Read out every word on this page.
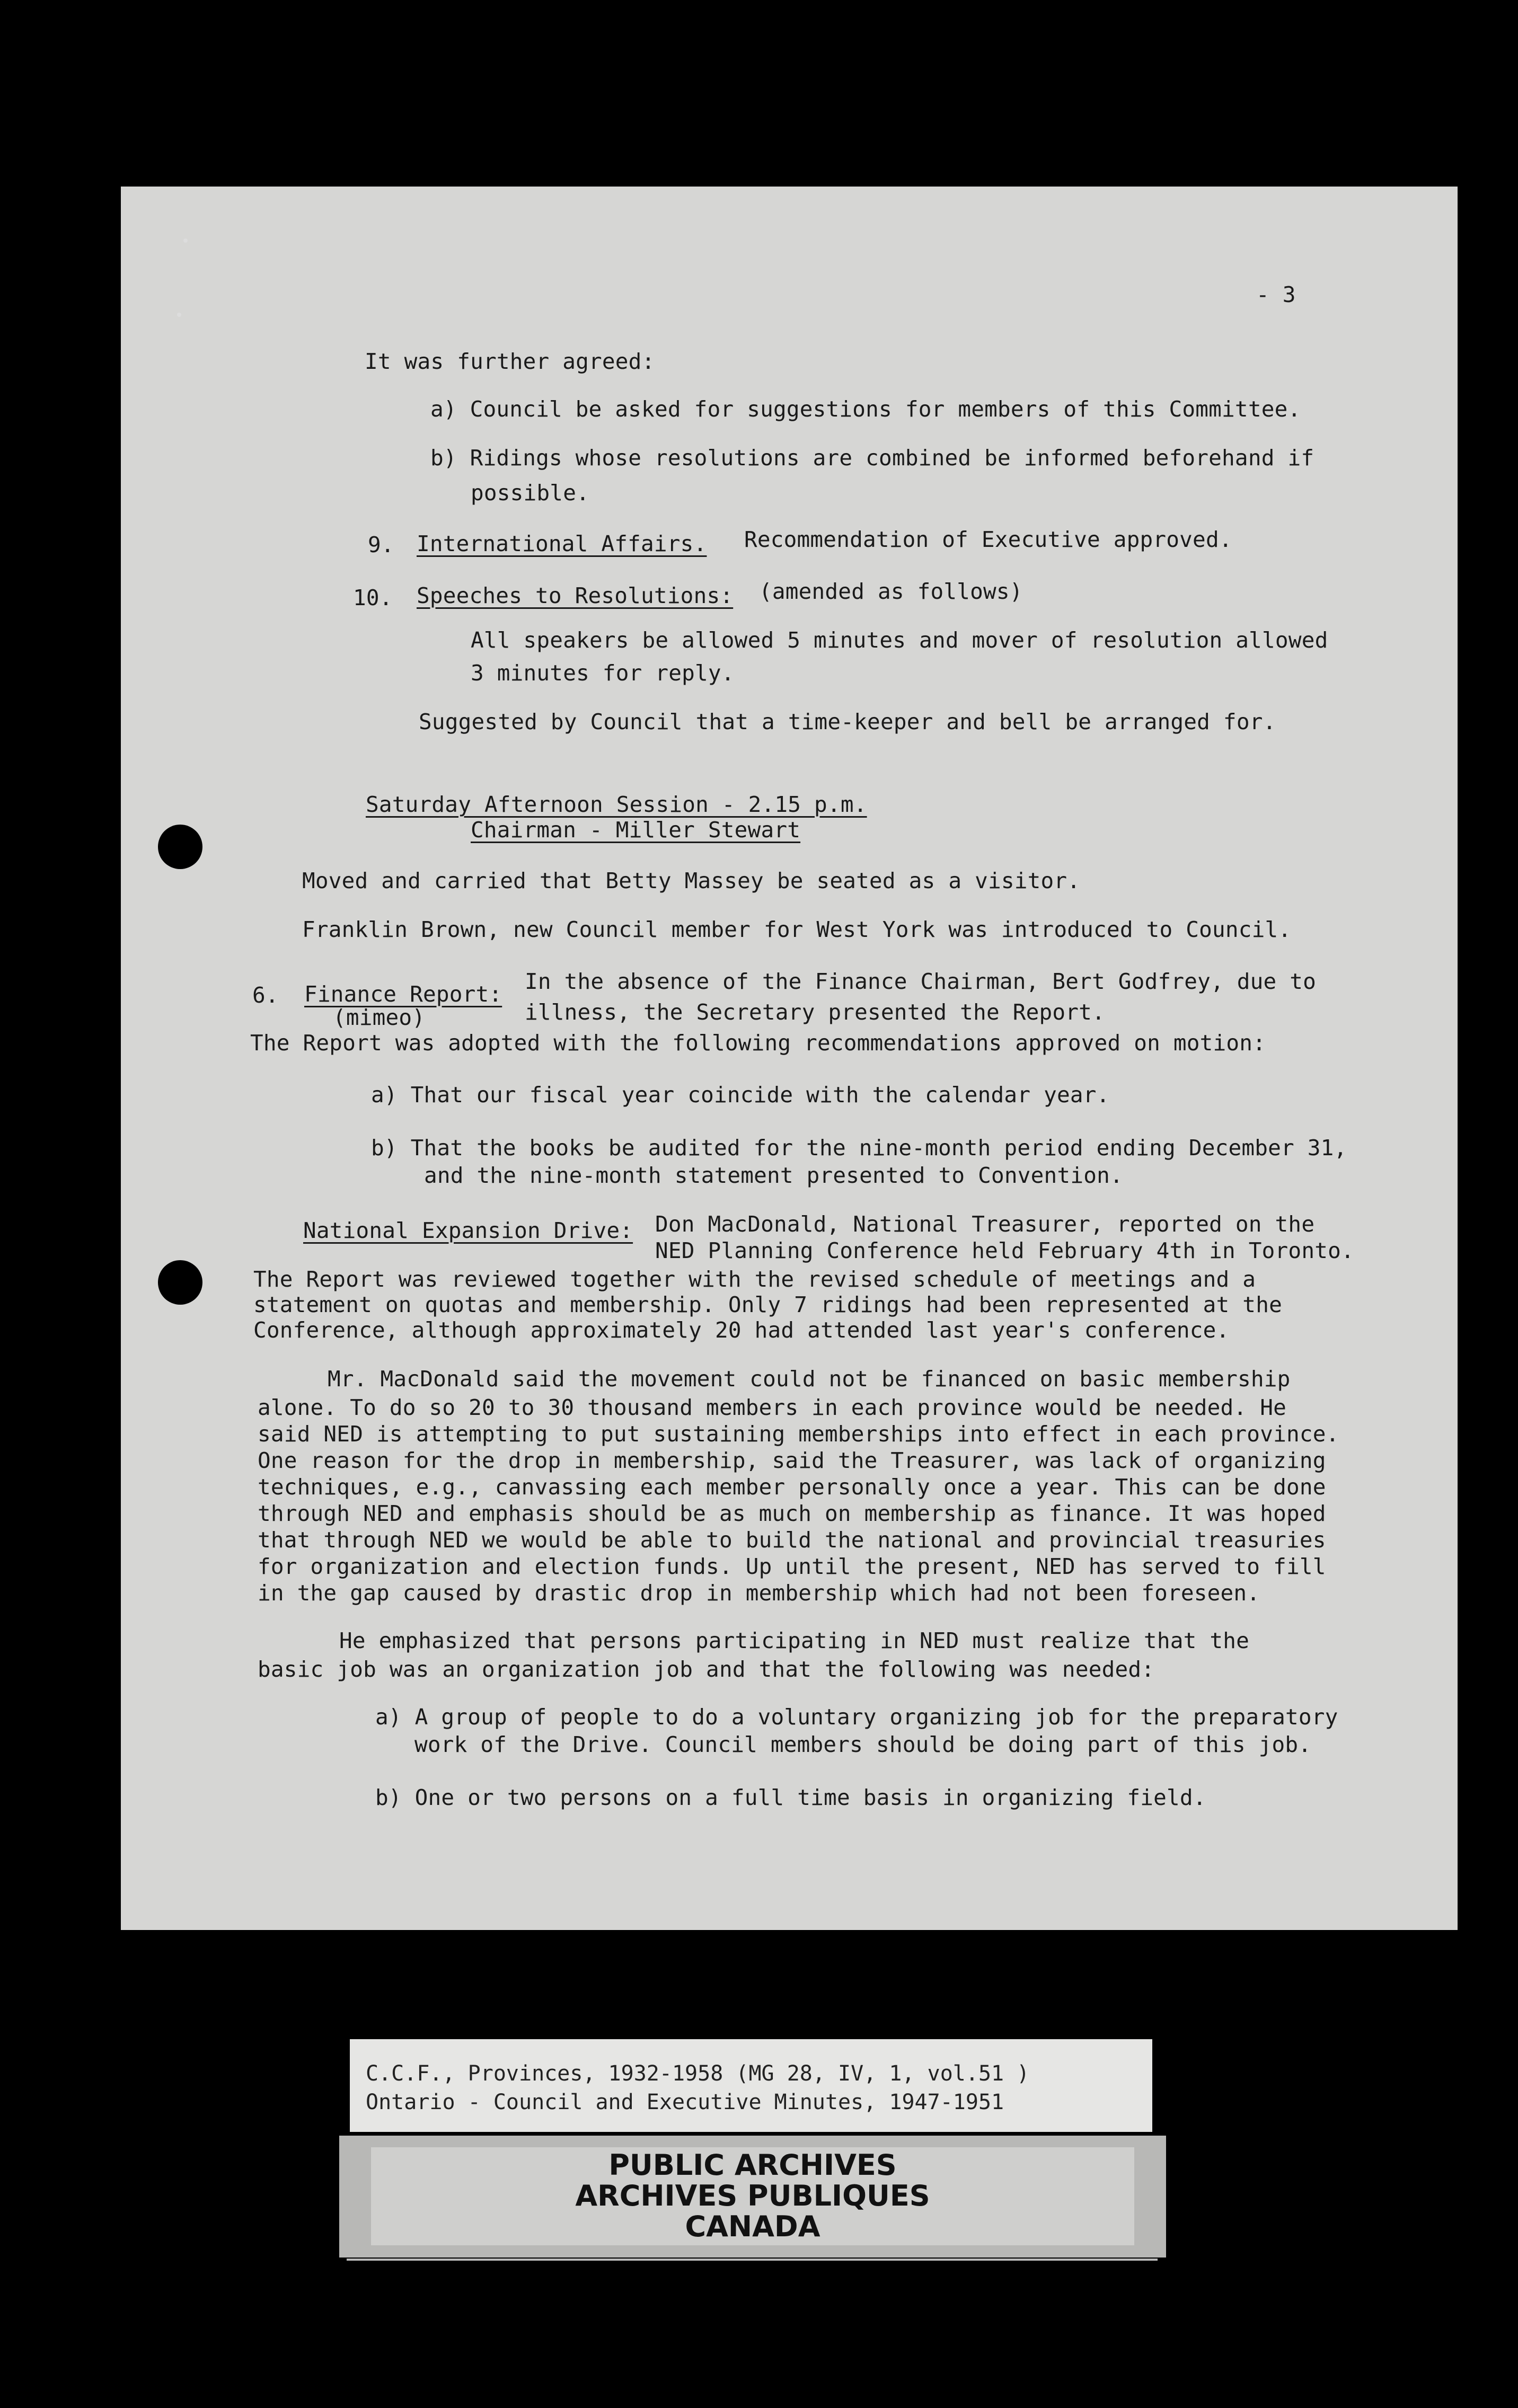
- 3
It was further agreed:
a) Council be asked for suggestions for members of this Committee.
b) Ridings whose resolutions are combined be informed beforehand if
possible.
9. International Affairs. Recommendation of Executive approved.
10. Speeches to Resolutions: (amended as follows)
All speakers be allowed 5 minutes and mover of resolution allowed
3 minutes for reply.
Suggested by Council that a time-keeper and bell be arranged for.
Saturday Afternoon Session - 2.15 p.m.
Chairman - Miller Stewart
Moved and carried that Betty Massey be seated as a visitor.
Franklin Brown, new Council member for West York was introduced to Council.
6. Finance Report: In the absence of the Finance Chairman, Bert Godfrey, due to
(mimeo)	illness, the Secretary presented the Report.
The Report was adopted with the following recommendations approved on motion:
a) That our fiscal year coincide with the calendar year.
b) That the books be audited for the nine-month period ending December 31,
and the nine-month statement presented to Convention.
National Expansion Drive: Don MacDonald, National Treasurer, reported on the
NED Planning Conference held February 4th in Toronto.
The Report was reviewed together with the revised schedule of meetings and a
statement on quotas and membership. Only 7 ridings had been represented at the
Conference, although approximately 20 had attended last year's conference.
Mr. MacDonald said the movement could not be financed on basic membership
alone. To do so 20 to 30 thousand members in each province would be needed. He
said NED is attempting to put sustaining memberships into effect in each province.
One reason for the drop in membership, said the Treasurer, was lack of organizing
techniques, e.g., canvassing each member personally once a year. This can be done
through NED and emphasis should be as much on membership as finance. It was hoped
that through NED we would be able to build the national and provincial treasuries
for organization and election funds. Up until the present, NED has served to fill
in the gap caused by drastic drop in membership which had not been foreseen.
He emphasized that persons participating in NED must realize that the
basic job was an organization job and that the following was needed:
a) A group of people to do a voluntary organizing job for the preparatory
work of the Drive. Council members should be doing part of this job.
b) One or two persons on a full time basis in organizing field.
C.C.F., Provinces, 1932-1958 (MG 28, IV, 1, vol.51 )
Ontario - Council and Executive Minutes, 1947-1951
PUBLIC ARCHIVES
ARCHIVES PUBLIQUES
CANADA
